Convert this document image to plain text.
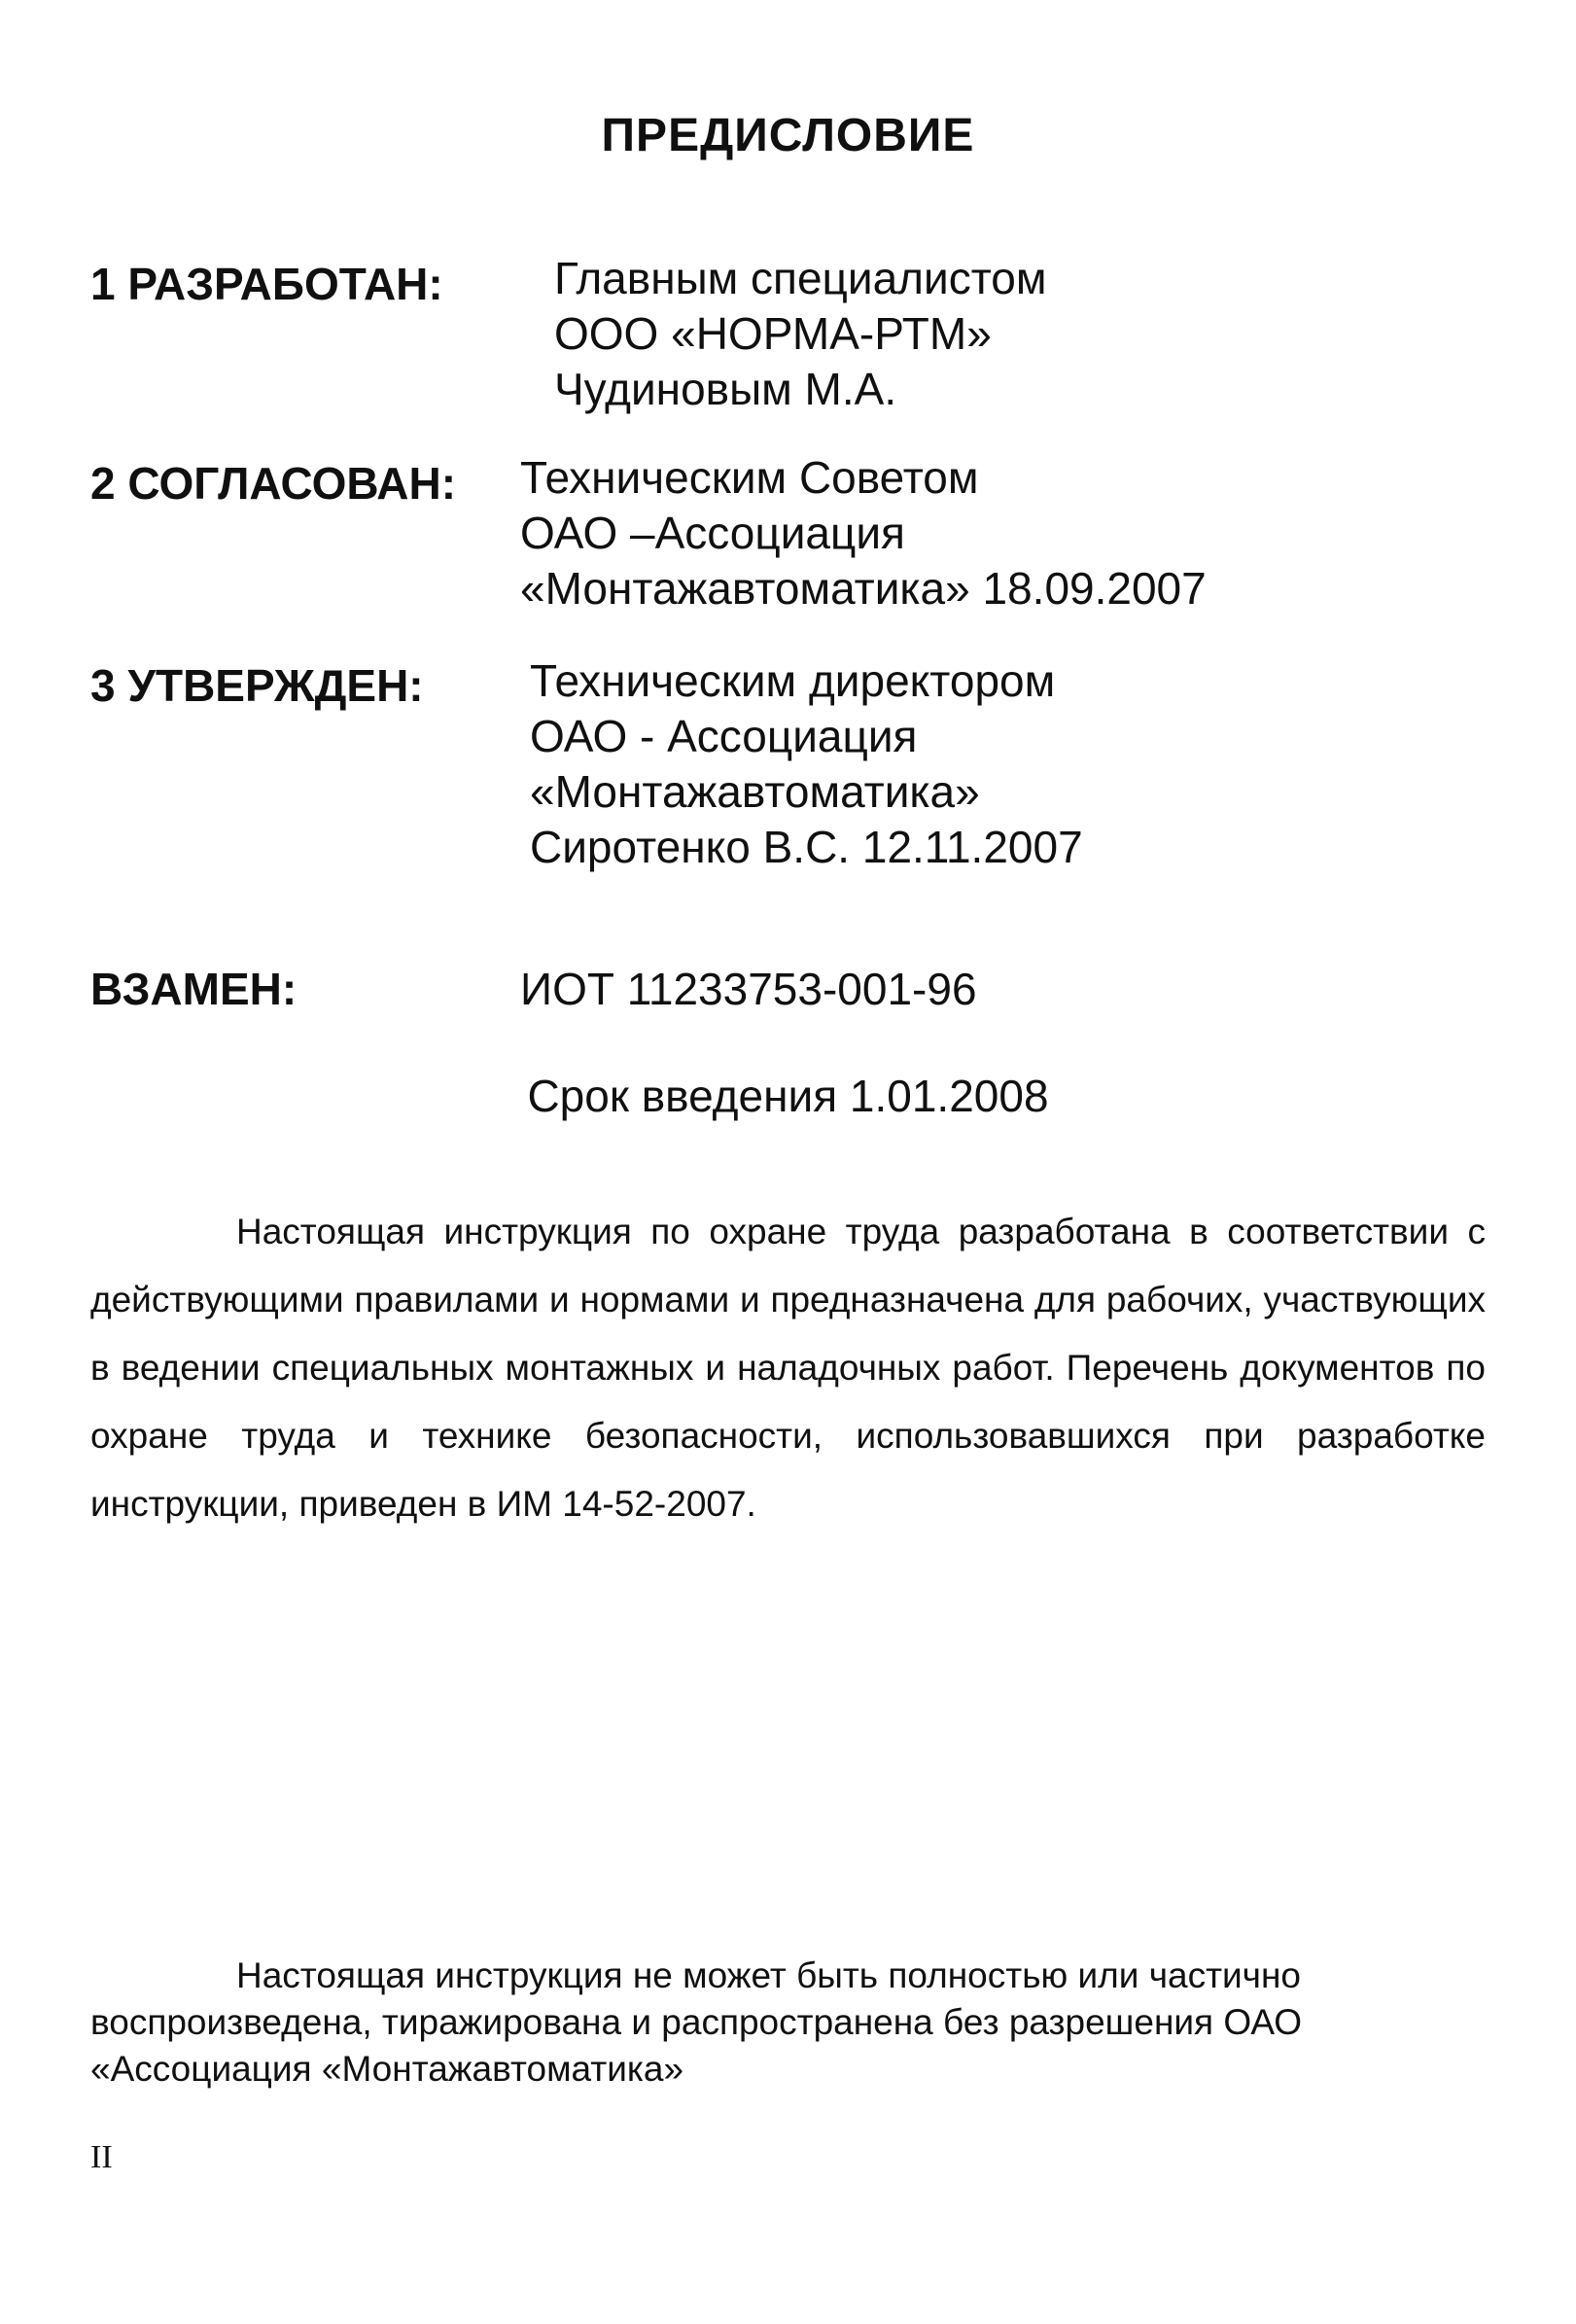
ПРЕДИСЛОВИЕ
1 РАЗРАБОТАН: Главным специалистом
ООО «НОРМА-РТМ»
Чудиновым М.А.
2 СОГЛАСОВАН: Техническим Советом
ОАО –Ассоциация
«Монтажавтоматика» 18.09.2007
3 УТВЕРЖДЕН: Техническим директором
ОАО - Ассоциация
«Монтажавтоматика»
Сиротенко В.С. 12.11.2007
ВЗАМЕН:	ИОТ 11233753-001-96
Срок введения 1.01.2008
Настоящая инструкция по охране труда разработана в соответствии с действующими правилами и нормами и предназначена для рабочих, участвующих в ведении специальных монтажных и наладочных работ. Перечень документов по охране труда и технике безопасности, использовавшихся при разработке инструкции, приведен в ИМ 14-52-2007.
Настоящая инструкция не может быть полностью или частично воспроизведена, тиражирована и распространена без разрешения ОАО «Ассоциация «Монтажавтоматика»
II
